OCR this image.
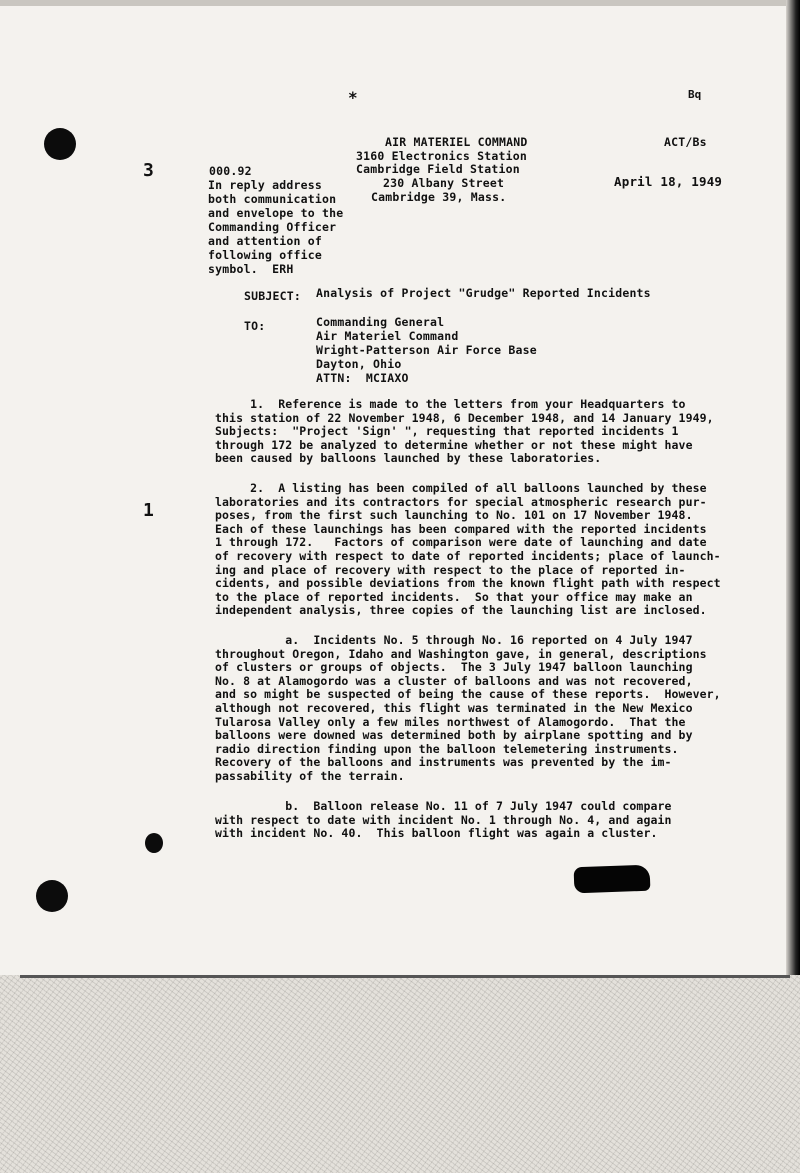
3
1
*	Bq
AIR MATERIEL COMMAND
3160 Electronics Station
Cambridge Field Station
230 Albany Street
Cambridge 39, Mass.
ACT/Bs
April 18, 1949
000.92
In reply address
both communication
and envelope to the
Commanding Officer
and attention of
following office
symbol.  ERH
SUBJECT: Analysis of Project "Grudge" Reported Incidents
TO:	Commanding General
Air Materiel Command
Wright-Patterson Air Force Base
Dayton, Ohio
ATTN:  MCIAXO
1.  Reference is made to the letters from your Headquarters to
this station of 22 November 1948, 6 December 1948, and 14 January 1949,
Subjects:  "Project 'Sign' ", requesting that reported incidents 1
through 172 be analyzed to determine whether or not these might have
been caused by balloons launched by these laboratories.
2.  A listing has been compiled of all balloons launched by these
laboratories and its contractors for special atmospheric research pur-
poses, from the first such launching to No. 101 on 17 November 1948.
Each of these launchings has been compared with the reported incidents
1 through 172.   Factors of comparison were date of launching and date
of recovery with respect to date of reported incidents; place of launch-
ing and place of recovery with respect to the place of reported in-
cidents, and possible deviations from the known flight path with respect
to the place of reported incidents.  So that your office may make an
independent analysis, three copies of the launching list are inclosed.
a.  Incidents No. 5 through No. 16 reported on 4 July 1947
throughout Oregon, Idaho and Washington gave, in general, descriptions
of clusters or groups of objects.  The 3 July 1947 balloon launching
No. 8 at Alamogordo was a cluster of balloons and was not recovered,
and so might be suspected of being the cause of these reports.  However,
although not recovered, this flight was terminated in the New Mexico
Tularosa Valley only a few miles northwest of Alamogordo.  That the
balloons were downed was determined both by airplane spotting and by
radio direction finding upon the balloon telemetering instruments.
Recovery of the balloons and instruments was prevented by the im-
passability of the terrain.
b.  Balloon release No. 11 of 7 July 1947 could compare
with respect to date with incident No. 1 through No. 4, and again
with incident No. 40.  This balloon flight was again a cluster.
